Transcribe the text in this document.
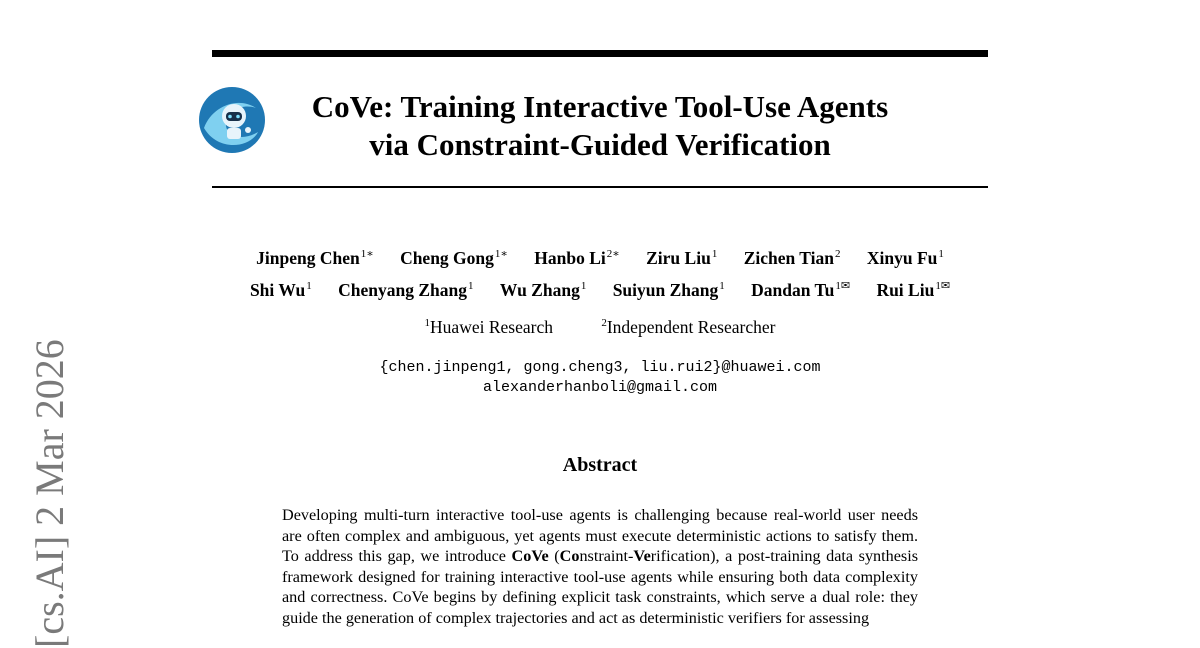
CoVe: Training Interactive Tool-Use Agents
via Constraint-Guided Verification
Jinpeng Chen$^{1∗}$ Cheng Gong$^{1∗}$ Hanbo $Li^{2∗}$ Ziru Liu$^1$ Zichen Tian$^2$ Xinyu Fu$^1$
Shi Wu$^1$ Chenyang Zhang$^1$ Wu Zhang$^1$ Suiyun Zhang$^1$ Dandan $Tu^{1✉}$ Rui Liu$^{1✉}$
$^1$Huawei Research	$^2$Independent Researcher
{chen.jinpeng1, gong.cheng3, liu.rui2}@huawei.com
alexanderhanboli@gmail.com
Abstract

Developing multi-turn interactive tool-use agents is challenging because real-world user needs are often complex and ambiguous, yet agents must execute deterministic actions to satisfy them. To address this gap, we introduce CoVe (Constraint-Verification), a post-training data synthesis framework designed for training interactive tool-use agents while ensuring both data complexity and correctness. CoVe begins by defining explicit task constraints, which serve a dual role: they guide the generation of complex trajectories and act as deterministic verifiers for assessing

[cs.AI] 2 Mar 2026
